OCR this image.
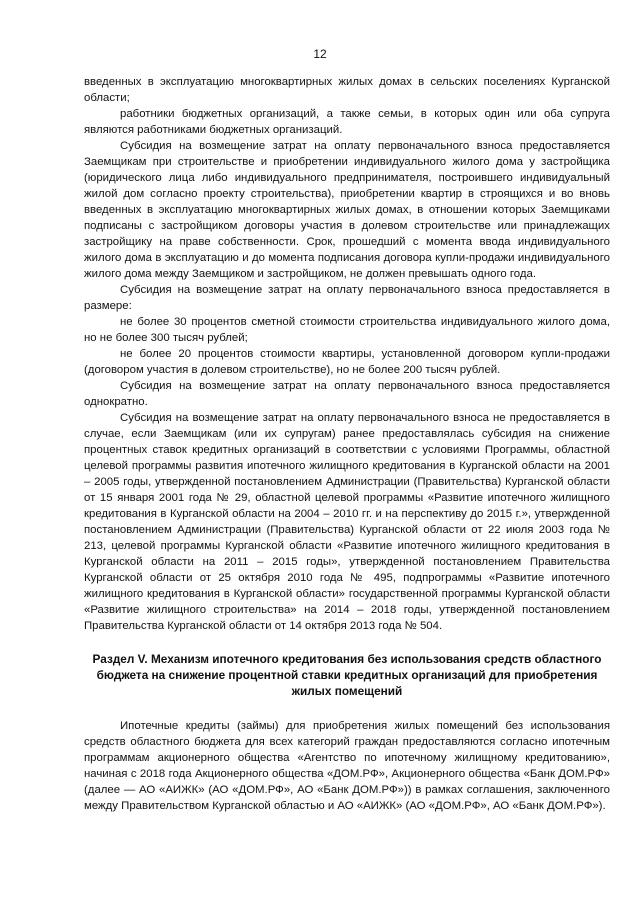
12

введенных в эксплуатацию многоквартирных жилых домах в сельских поселениях Курганской области;

работники бюджетных организаций, а также семьи, в которых один или оба супруга являются работниками бюджетных организаций.

Субсидия на возмещение затрат на оплату первоначального взноса предоставляется Заемщикам при строительстве и приобретении индивидуального жилого дома у застройщика (юридического лица либо индивидуального предпринимателя, построившего индивидуальный жилой дом согласно проекту строительства), приобретении квартир в строящихся и во вновь введенных в эксплуатацию многоквартирных жилых домах, в отношении которых Заемщиками подписаны с застройщиком договоры участия в долевом строительстве или принадлежащих застройщику на праве собственности. Срок, прошедший с момента ввода индивидуального жилого дома в эксплуатацию и до момента подписания договора купли-продажи индивидуального жилого дома между Заемщиком и застройщиком, не должен превышать одного года.

Субсидия на возмещение затрат на оплату первоначального взноса предоставляется в размере:

не более 30 процентов сметной стоимости строительства индивидуального жилого дома, но не более 300 тысяч рублей;

не более 20 процентов стоимости квартиры, установленной договором купли-продажи (договором участия в долевом строительстве), но не более 200 тысяч рублей.

Субсидия на возмещение затрат на оплату первоначального взноса предоставляется однократно.

Субсидия на возмещение затрат на оплату первоначального взноса не предоставляется в случае, если Заемщикам (или их супругам) ранее предоставлялась субсидия на снижение процентных ставок кредитных организаций в соответствии с условиями Программы, областной целевой программы развития ипотечного жилищного кредитования в Курганской области на 2001 – 2005 годы, утвержденной постановлением Администрации (Правительства) Курганской области от 15 января 2001 года № 29, областной целевой программы «Развитие ипотечного жилищного кредитования в Курганской области на 2004 – 2010 гг. и на перспективу до 2015 г.», утвержденной постановлением Администрации (Правительства) Курганской области от 22 июля 2003 года № 213, целевой программы Курганской области «Развитие ипотечного жилищного кредитования в Курганской области на 2011 – 2015 годы», утвержденной постановлением Правительства Курганской области от 25 октября 2010 года № 495, подпрограммы «Развитие ипотечного жилищного кредитования в Курганской области» государственной программы Курганской области «Развитие жилищного строительства» на 2014 – 2018 годы, утвержденной постановлением Правительства Курганской области от 14 октября 2013 года № 504.

Раздел V. Механизм ипотечного кредитования без использования средств областного бюджета на снижение процентной ставки кредитных организаций для приобретения жилых помещений

Ипотечные кредиты (займы) для приобретения жилых помещений без использования средств областного бюджета для всех категорий граждан предоставляются согласно ипотечным программам акционерного общества «Агентство по ипотечному жилищному кредитованию», начиная с 2018 года Акционерного общества «ДОМ.РФ», Акционерного общества «Банк ДОМ.РФ» (далее — АО «АИЖК» (АО «ДОМ.РФ», АО «Банк ДОМ.РФ»)) в рамках соглашения, заключенного между Правительством Курганской областью и АО «АИЖК» (АО «ДОМ.РФ», АО «Банк ДОМ.РФ»).
